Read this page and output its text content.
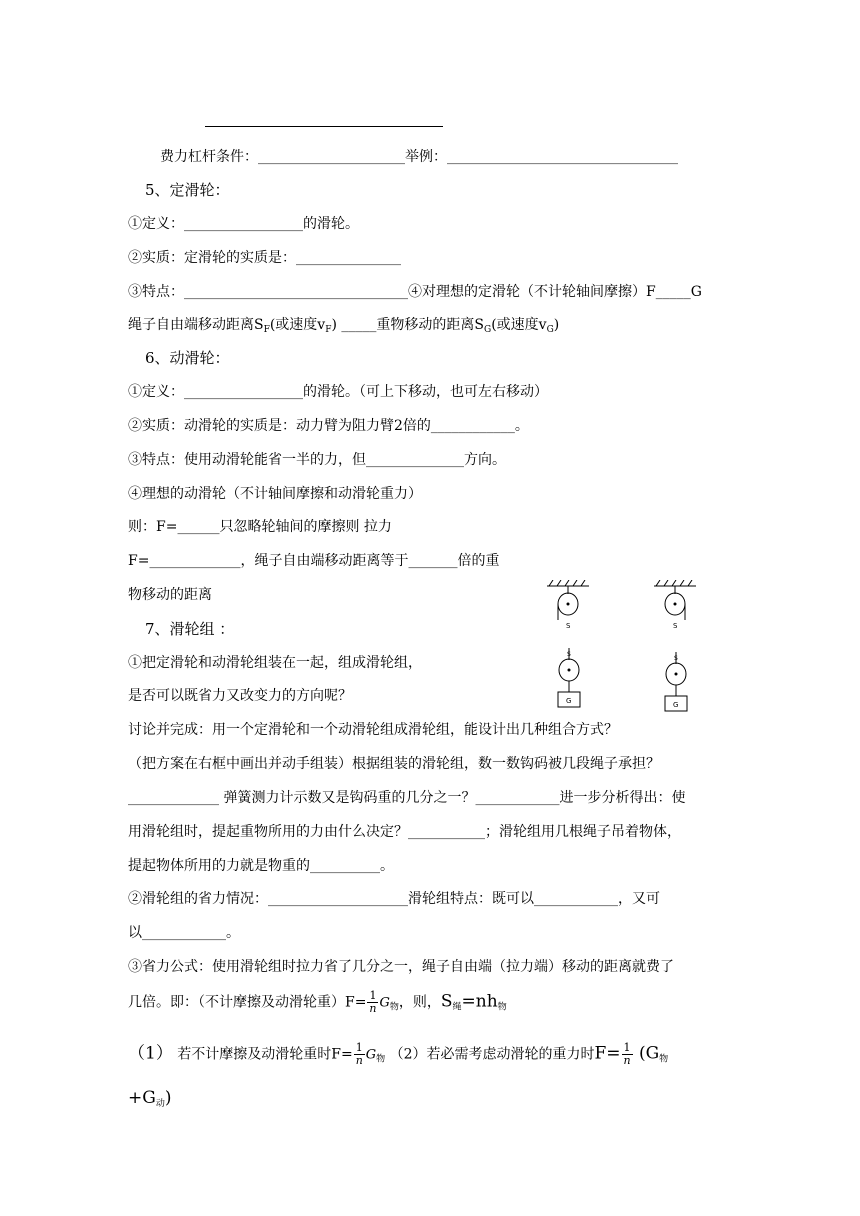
费力杠杆条件：_____________________举例：_________________________________
5、定滑轮：
①定义：_________________的滑轮。
②实质：定滑轮的实质是：_______________
③特点：________________________________④对理想的定滑轮（不计轮轴间摩擦）F_____G
绳子自由端移动距离$S_F$(或速度$v_F$) _____重物移动的距离$S_G$(或速度$v_G$)
6、动滑轮：
①定义：_________________的滑轮。（可上下移动，也可左右移动）
②实质：动滑轮的实质是：动力臂为阻力臂2倍的____________。
③特点：使用动滑轮能省一半的力，但______________方向。
④理想的动滑轮（不计轴间摩擦和动滑轮重力）
则：F=______只忽略轮轴间的摩擦则 拉力
F=_____________，绳子自由端移动距离等于_______倍的重
物移动的距离
7、滑轮组 ：
①把定滑轮和动滑轮组装在一起，组成滑轮组，
是否可以既省力又改变力的方向呢？
讨论并完成：用一个定滑轮和一个动滑轮组成滑轮组，能设计出几种组合方式？
（把方案在右框中画出并动手组装）根据组装的滑轮组，数一数钩码被几段绳子承担？
_____________ 弹簧测力计示数又是钩码重的几分之一？____________进一步分析得出：使
用滑轮组时，提起重物所用的力由什么决定？___________；滑轮组用几根绳子吊着物体，
提起物体所用的力就是物重的__________。
②滑轮组的省力情况：____________________滑轮组特点：既可以____________，又可
以____________。
③省力公式：使用滑轮组时拉力省了几分之一，绳子自由端（拉力端）移动的距离就费了
几倍。即：（不计摩擦及动滑轮重）$F= \frac{1}{n} G_物$，则，$S_绳=nh_物$
（1） 若不计摩擦及动滑轮重时$F= \frac{1}{n} G_物$ （2）若必需考虑动滑轮的重力时$F= \frac{1}{n} (G_物$
$+G_动$)
S	S
S
G
S
G
